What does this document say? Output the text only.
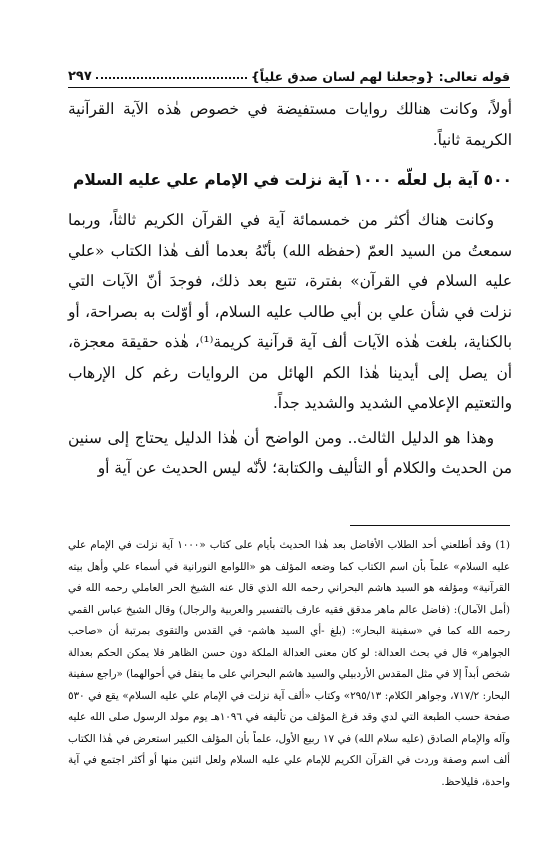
قوله تعالى: {وجعلنا لهم لسان صدق علياً}
٢٩٧

أولاً، وكانت هنالك روايات مستفيضة في خصوص هٰذه الآية القرآنية الكريمة ثانياً.

٥٠٠ آية بل لعلّه ١٠٠٠ آية نزلت في الإمام علي عليه السلام

وكانت هناك أكثر من خمسمائة آية في القرآن الكريم ثالثاً، وربما سمعتُ من السيد العمّ (حفظه الله) بأنّهُ بعدما ألف هٰذا الكتاب «علي عليه السلام في القرآن» بفترة، تتبع بعد ذلك، فوجدَ أنّ الآيات التي نزلت في شأن علي بن أبي طالب عليه السلام، أو أوّلت به بصراحة، أو بالكناية، بلغت هٰذه الآيات ألف آية قرآنية كريمة⁽¹⁾، هٰذه حقيقة معجزة، أن يصل إلى أيدينا هٰذا الكم الهائل من الروايات رغم كل الإرهاب والتعتيم الإعلامي الشديد والشديد جداً.

وهذا هو الدليل الثالث.. ومن الواضح أن هٰذا الدليل يحتاج إلى سنين من الحديث والكلام أو التأليف والكتابة؛ لأنّه ليس الحديث عن آية أو

(1) وقد أطلعني أحد الطلاب الأفاضل بعد هٰذا الحديث بأيام على كتاب «١٠٠٠ آية نزلت في الإمام علي عليه السلام» علماً بأن اسم الكتاب كما وضعه المؤلف هو «اللوامع النورانية في أسماء علي وأهل بيته القرآنية» ومؤلفه هو السيد هاشم البحراني رحمه الله الذي قال عنه الشيخ الحر العاملي رحمه الله في (أمل الآمال): (فاضل عالم ماهر مدقق فقيه عارف بالتفسير والعربية والرجال) وقال الشيخ عباس القمي رحمه الله كما في «سفينة البحار»: (بلغ -أي السيد هاشم- في القدس والتقوى بمرتبة أن «صاحب الجواهر» قال في بحث العدالة: لو كان معنى العدالة الملكة دون حسن الظاهر فلا يمكن الحكم بعدالة شخص أبداً إلا في مثل المقدس الأردبيلي والسيد هاشم البحراني على ما ينقل في أحوالهما) «راجع سفينة البحار: ٧١٧/٢، وجواهر الكلام: ٢٩٥/١٣» وكتاب «ألف آية نزلت في الإمام علي عليه السلام» يقع في ٥٣٠ صفحة حسب الطبعة التي لدي وقد فرغ المؤلف من تأليفه في ١٠٩٦هـ يوم مولد الرسول صلى الله عليه وآله والإمام الصادق (عليه سلام الله) في ١٧ ربيع الأول، علماً بأن المؤلف الكبير استعرض في هٰذا الكتاب ألف اسم وصفة وردت في القرآن الكريم للإمام علي عليه السلام ولعل اثنين منها أو أكثر اجتمع في آية واحدة، فليلاحظ.
